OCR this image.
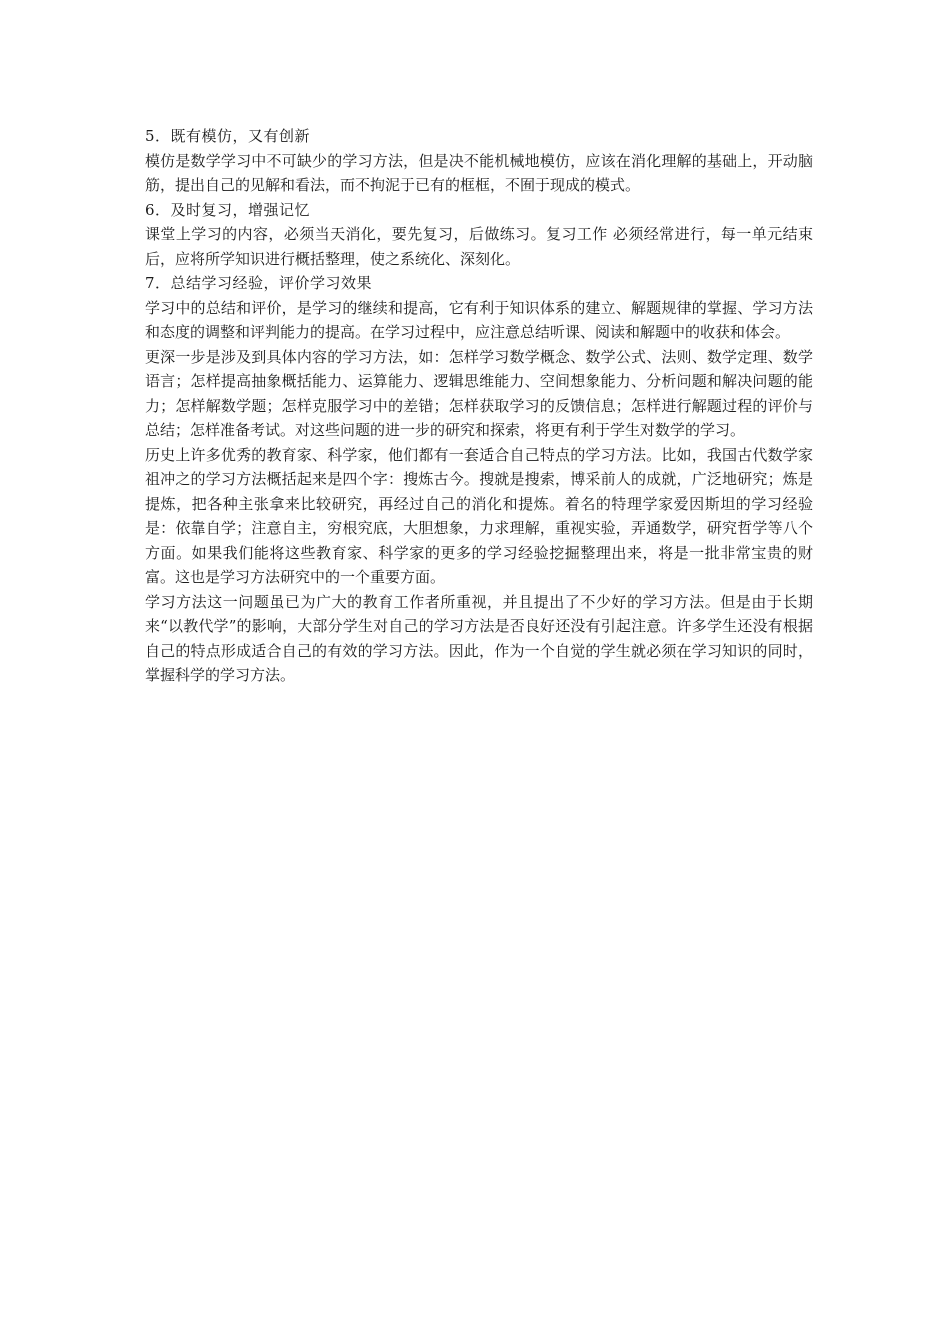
5．既有模仿，又有创新

模仿是数学学习中不可缺少的学习方法，但是决不能机械地模仿，应该在消化理解的基础上，开动脑筋，提出自己的见解和看法，而不拘泥于已有的框框，不囿于现成的模式。

6．及时复习，增强记忆

课堂上学习的内容，必须当天消化，要先复习，后做练习。复习工作 必须经常进行，每一单元结束后，应将所学知识进行概括整理，使之系统化、深刻化。

7．总结学习经验，评价学习效果

学习中的总结和评价，是学习的继续和提高，它有利于知识体系的建立、解题规律的掌握、学习方法和态度的调整和评判能力的提高。在学习过程中，应注意总结听课、阅读和解题中的收获和体会。

更深一步是涉及到具体内容的学习方法，如：怎样学习数学概念、数学公式、法则、数学定理、数学语言；怎样提高抽象概括能力、运算能力、逻辑思维能力、空间想象能力、分析问题和解决问题的能力；怎样解数学题；怎样克服学习中的差错；怎样获取学习的反馈信息；怎样进行解题过程的评价与总结；怎样准备考试。对这些问题的进一步的研究和探索，将更有利于学生对数学的学习。

历史上许多优秀的教育家、科学家，他们都有一套适合自己特点的学习方法。比如，我国古代数学家祖冲之的学习方法概括起来是四个字：搜炼古今。搜就是搜索，博采前人的成就，广泛地研究；炼是提炼，把各种主张拿来比较研究，再经过自己的消化和提炼。着名的特理学家爱因斯坦的学习经验是：依靠自学；注意自主，穷根究底，大胆想象，力求理解，重视实验，弄通数学，研究哲学等八个方面。如果我们能将这些教育家、科学家的更多的学习经验挖掘整理出来，将是一批非常宝贵的财富。这也是学习方法研究中的一个重要方面。

学习方法这一问题虽已为广大的教育工作者所重视，并且提出了不少好的学习方法。但是由于长期来“以教代学”的影响，大部分学生对自己的学习方法是否良好还没有引起注意。许多学生还没有根据自己的特点形成适合自己的有效的学习方法。因此，作为一个自觉的学生就必须在学习知识的同时，掌握科学的学习方法。
